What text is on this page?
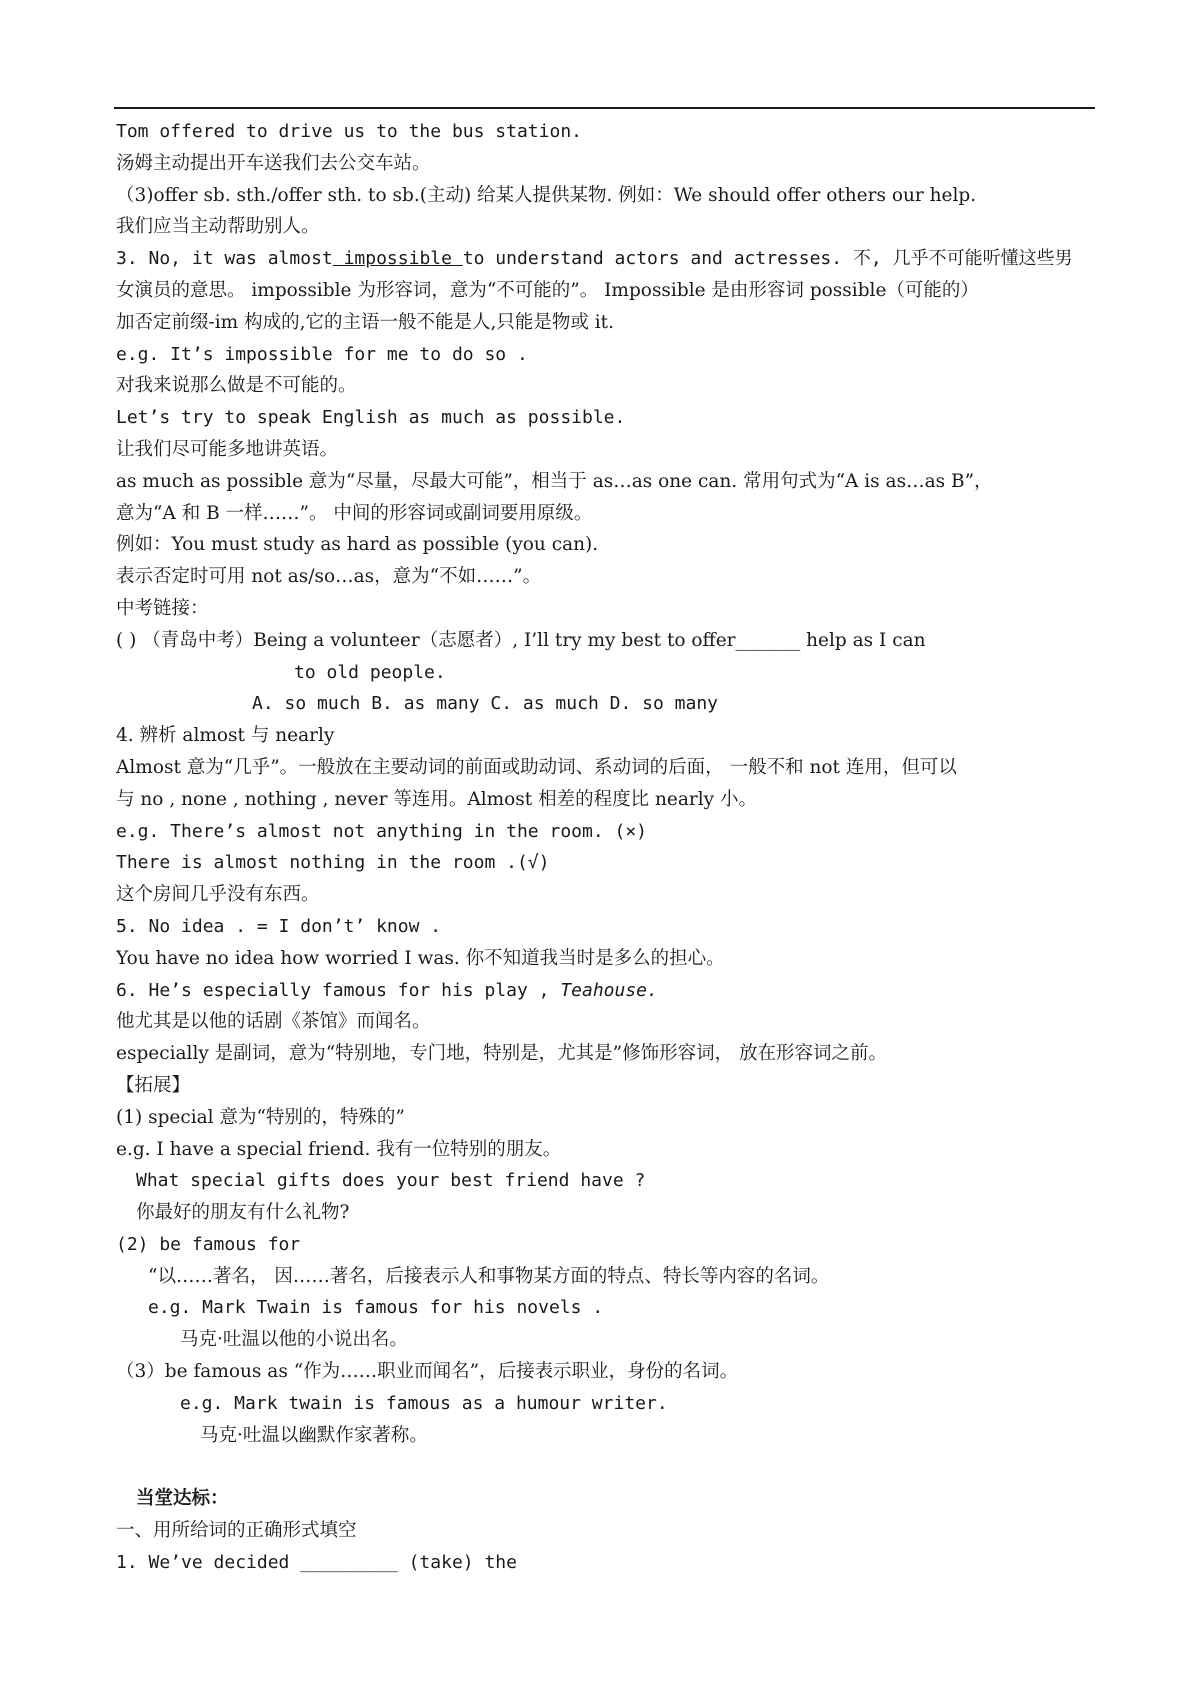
Tom offered to drive us to the bus station.
汤姆主动提出开车送我们去公交车站。
（3)offer sb. sth./offer sth. to sb.(主动) 给某人提供某物. 例如：We should offer others our help.
我们应当主动帮助别人。
3. No, it was almost impossible to understand actors and actresses. 不, 几乎不可能听懂这些男
女演员的意思。 impossible 为形容词，意为“不可能的”。 Impossible 是由形容词 possible（可能的）
加否定前缀-im 构成的,它的主语一般不能是人,只能是物或 it.
e.g. It’s impossible for me to do so .
对我来说那么做是不可能的。
Let’s try to speak English as much as possible.
让我们尽可能多地讲英语。
as much as possible 意为“尽量，尽最大可能”，相当于 as…as one can. 常用句式为“A is as…as B”，
意为“A 和 B 一样……”。 中间的形容词或副词要用原级。
例如：You must study as hard as possible (you can).
表示否定时可用 not as/so…as，意为“不如……”。
中考链接：
( ) （青岛中考）Being a volunteer（志愿者）, I’ll try my best to offer_______ help as I can
to old people.
A. so much B. as many C. as much D. so many
4. 辨析 almost 与 nearly
Almost 意为“几乎”。一般放在主要动词的前面或助动词、系动词的后面， 一般不和 not 连用，但可以
与 no , none , nothing , never 等连用。Almost 相差的程度比 nearly 小。
e.g. There’s almost not anything in the room. (×)
There is almost nothing in the room .(√)
这个房间几乎没有东西。
5. No idea . = I don’t’ know .
You have no idea how worried I was. 你不知道我当时是多么的担心。
6. He’s especially famous for his play , Teahouse.
他尤其是以他的话剧《茶馆》而闻名。
especially 是副词，意为“特别地，专门地，特别是，尤其是”修饰形容词， 放在形容词之前。
【拓展】
(1) special 意为“特别的，特殊的”
e.g. I have a special friend. 我有一位特别的朋友。
What special gifts does your best friend have ?
你最好的朋友有什么礼物?
(2) be famous for
“以……著名， 因……著名，后接表示人和事物某方面的特点、特长等内容的名词。
e.g. Mark Twain is famous for his novels .
马克·吐温以他的小说出名。
（3）be famous as “作为……职业而闻名”，后接表示职业，身份的名词。
e.g. Mark twain is famous as a humour writer.
马克·吐温以幽默作家著称。
当堂达标：
一、用所给词的正确形式填空
1. We’ve decided _________ (take) the
